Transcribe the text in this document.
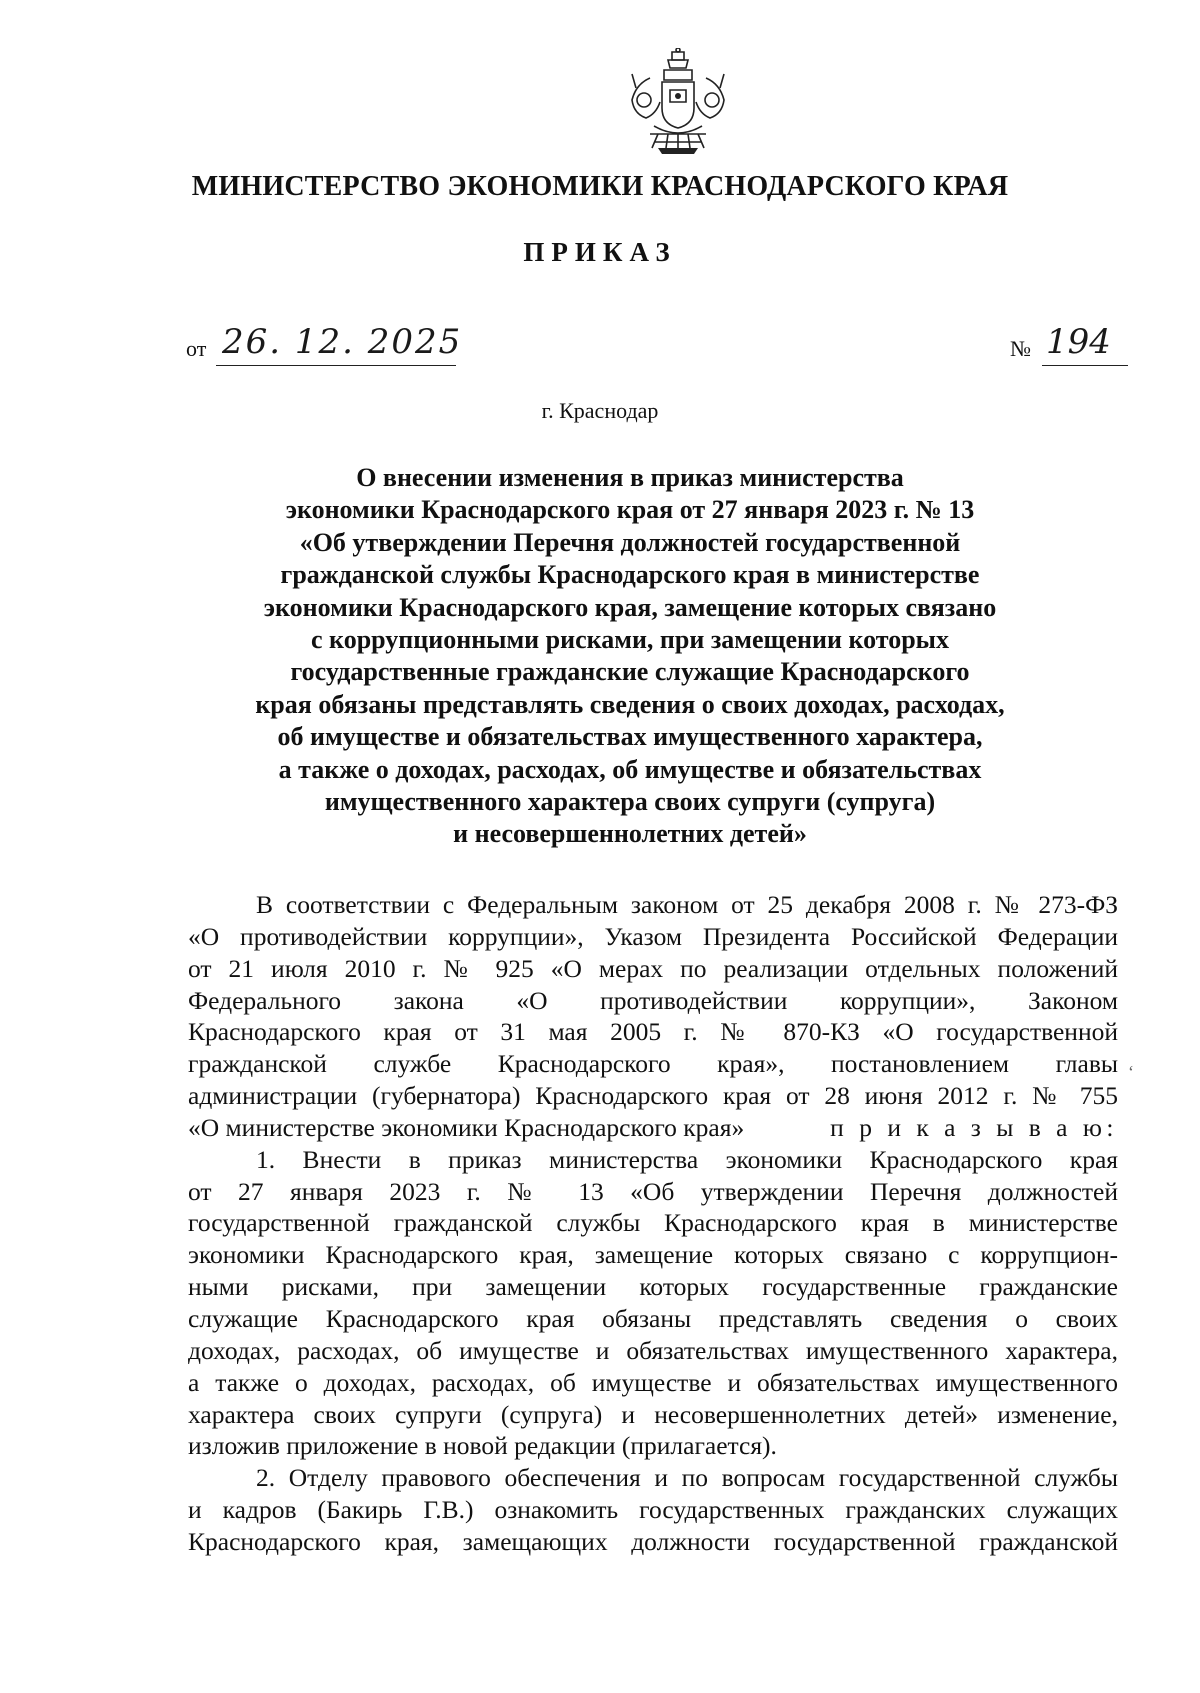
МИНИСТЕРСТВО ЭКОНОМИКИ КРАСНОДАРСКОГО КРАЯ
ПРИКАЗ
от 26. 12. 2025	№ 194
г. Краснодар
О внесении изменения в приказ министерства
экономики Краснодарского края от 27 января 2023 г. № 13
«Об утверждении Перечня должностей государственной
гражданской службы Краснодарского края в министерстве
экономики Краснодарского края, замещение которых связано
с коррупционными рисками, при замещении которых
государственные гражданские служащие Краснодарского
края обязаны представлять сведения о своих доходах, расходах,
об имуществе и обязательствах имущественного характера,
а также о доходах, расходах, об имуществе и обязательствах
имущественного характера своих супруги (супруга)
и несовершеннолетних детей»
В соответствии с Федеральным законом от 25 декабря 2008 г. № 273-ФЗ
«О противодействии коррупции», Указом Президента Российской Федерации
от 21 июля 2010 г. № 925 «О мерах по реализации отдельных положений
Федерального закона «О противодействии коррупции», Законом
Краснодарского края от 31 мая 2005 г. № 870-КЗ «О государственной
гражданской службе Краснодарского края», постановлением главы
администрации (губернатора) Краснодарского края от 28 июня 2012 г. № 755
«О министерстве экономики Краснодарского края»	п р и к а з ы в а ю:
1. Внести в приказ министерства экономики Краснодарского края
от 27 января 2023 г. № 13 «Об утверждении Перечня должностей
государственной гражданской службы Краснодарского края в министерстве
экономики Краснодарского края, замещение которых связано с коррупцион-
ными рисками, при замещении которых государственные гражданские
служащие Краснодарского края обязаны представлять сведения о своих
доходах, расходах, об имуществе и обязательствах имущественного характера,
а также о доходах, расходах, об имуществе и обязательствах имущественного
характера своих супруги (супруга) и несовершеннолетних детей» изменение,
изложив приложение в новой редакции (прилагается).
2. Отделу правового обеспечения и по вопросам государственной службы
и кадров (Бакирь Г.В.) ознакомить государственных гражданских служащих
Краснодарского края, замещающих должности государственной гражданской
‘
